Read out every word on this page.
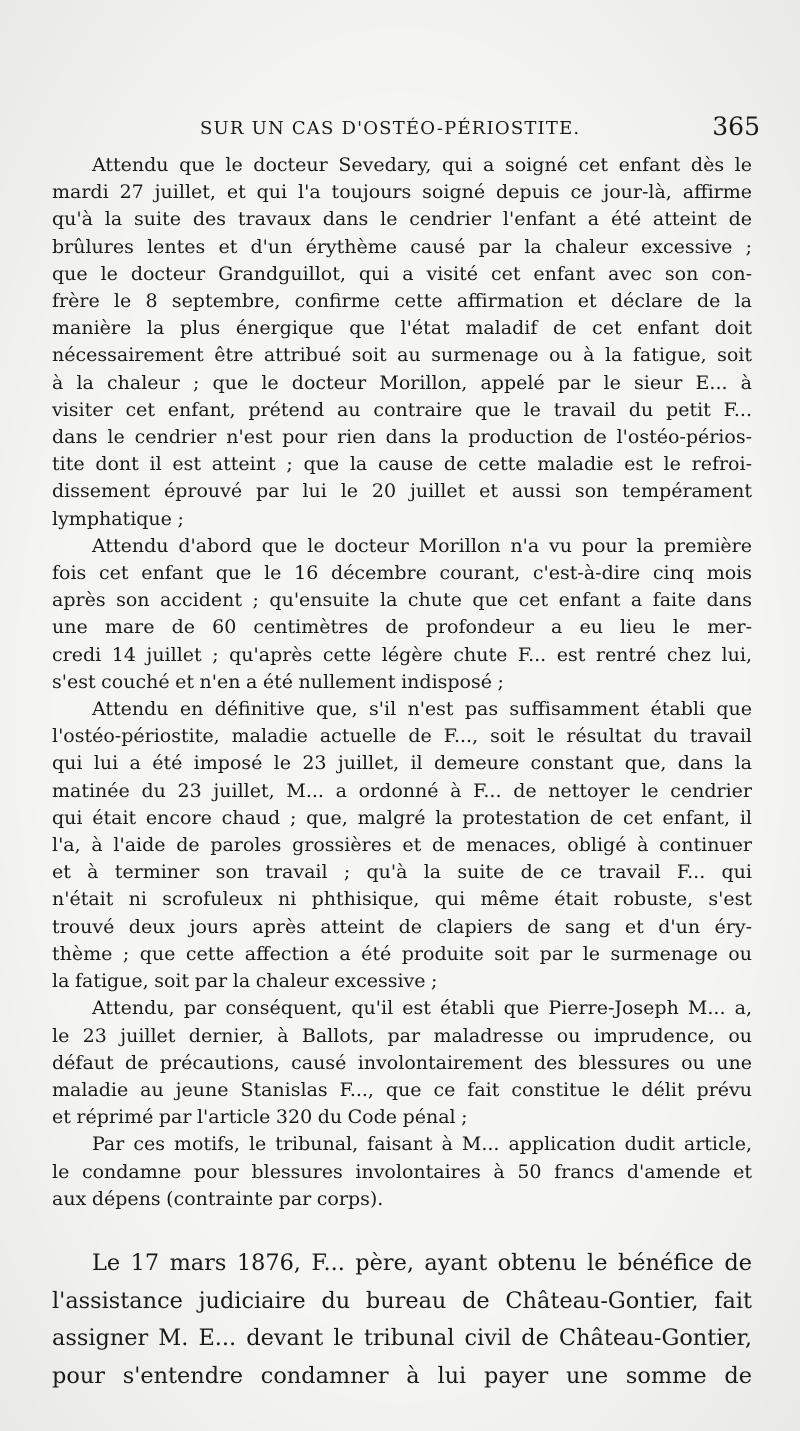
SUR UN CAS D'OSTÉO-PÉRIOSTITE.	365

Attendu que le docteur Sevedary, qui a soigné cet enfant dès le
mardi 27 juillet, et qui l'a toujours soigné depuis ce jour-là, affirme
qu'à la suite des travaux dans le cendrier l'enfant a été atteint de
brûlures lentes et d'un érythème causé par la chaleur excessive ;
que le docteur Grandguillot, qui a visité cet enfant avec son con-
frère le 8 septembre, confirme cette affirmation et déclare de la
manière la plus énergique que l'état maladif de cet enfant doit
nécessairement être attribué soit au surmenage ou à la fatigue, soit
à la chaleur ; que le docteur Morillon, appelé par le sieur E... à
visiter cet enfant, prétend au contraire que le travail du petit F...
dans le cendrier n'est pour rien dans la production de l'ostéo-périos-
tite dont il est atteint ; que la cause de cette maladie est le refroi-
dissement éprouvé par lui le 20 juillet et aussi son tempérament
lymphatique ;

Attendu d'abord que le docteur Morillon n'a vu pour la première
fois cet enfant que le 16 décembre courant, c'est-à-dire cinq mois
après son accident ; qu'ensuite la chute que cet enfant a faite dans
une mare de 60 centimètres de profondeur a eu lieu le mer-
credi 14 juillet ; qu'après cette légère chute F... est rentré chez lui,
s'est couché et n'en a été nullement indisposé ;

Attendu en définitive que, s'il n'est pas suffisamment établi que
l'ostéo-périostite, maladie actuelle de F..., soit le résultat du travail
qui lui a été imposé le 23 juillet, il demeure constant que, dans la
matinée du 23 juillet, M... a ordonné à F... de nettoyer le cendrier
qui était encore chaud ; que, malgré la protestation de cet enfant, il
l'a, à l'aide de paroles grossières et de menaces, obligé à continuer
et à terminer son travail ; qu'à la suite de ce travail F... qui
n'était ni scrofuleux ni phthisique, qui même était robuste, s'est
trouvé deux jours après atteint de clapiers de sang et d'un éry-
thème ; que cette affection a été produite soit par le surmenage ou
la fatigue, soit par la chaleur excessive ;

Attendu, par conséquent, qu'il est établi que Pierre-Joseph M... a,
le 23 juillet dernier, à Ballots, par maladresse ou imprudence, ou
défaut de précautions, causé involontairement des blessures ou une
maladie au jeune Stanislas F..., que ce fait constitue le délit prévu
et réprimé par l'article 320 du Code pénal ;

Par ces motifs, le tribunal, faisant à M... application dudit article,
le condamne pour blessures involontaires à 50 francs d'amende et
aux dépens (contrainte par corps).

Le 17 mars 1876, F... père, ayant obtenu le bénéfice de
l'assistance judiciaire du bureau de Château-Gontier, fait
assigner M. E... devant le tribunal civil de Château-Gontier,
pour s'entendre condamner à lui payer une somme de
